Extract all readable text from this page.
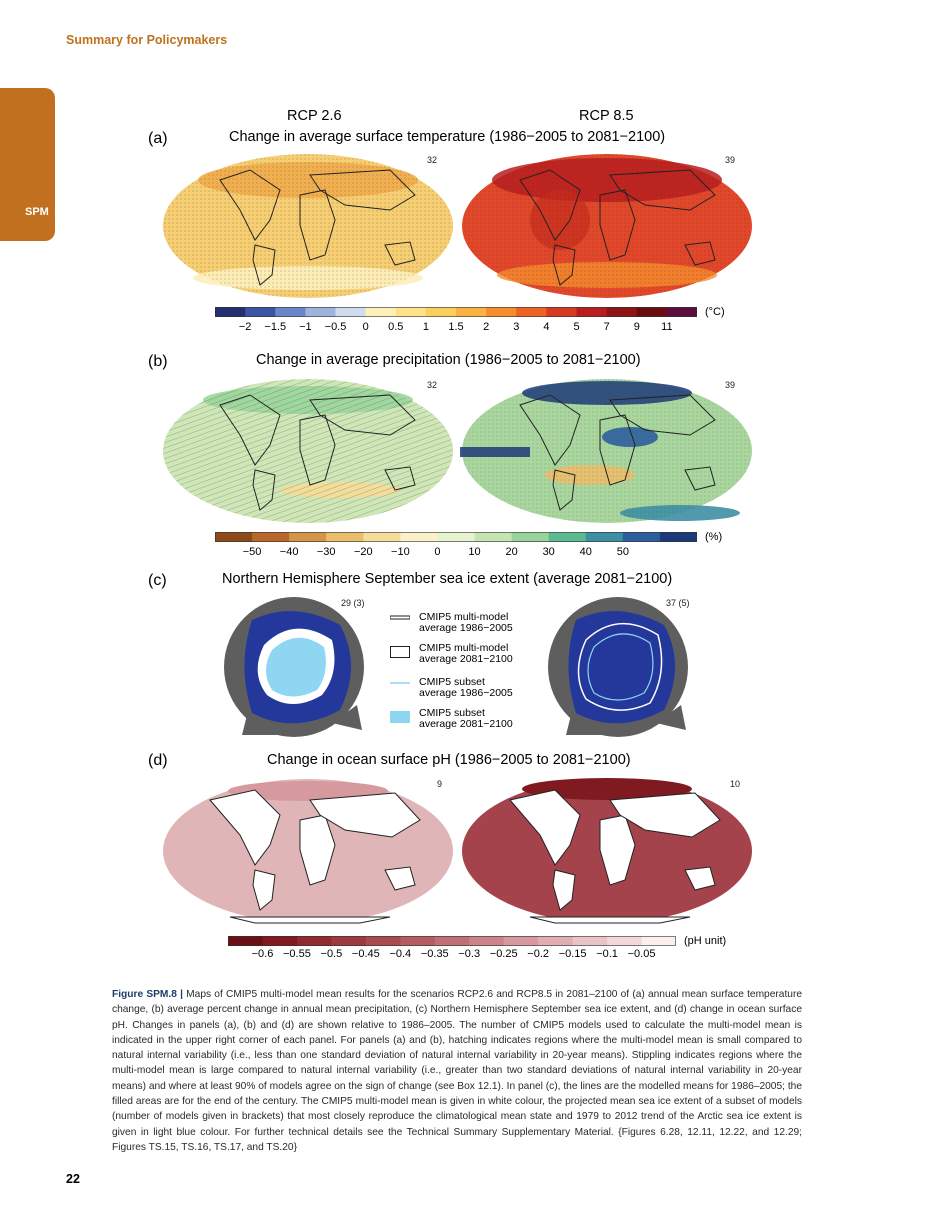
Summary for Policymakers
SPM
RCP 2.6	RCP 8.5
(a)	Change in average surface temperature (1986−2005 to 2081−2100)
32	39
(°C)
−2 −1.5 −1 −0.5 0 0.5 1 1.5 2 3 4 5 7 9 11
(b)	Change in average precipitation (1986−2005 to 2081−2100)
32	39
(%)
−50 −40 −30 −20 −10 0	10 20 30 40 50
(c)	Northern Hemisphere September sea ice extent (average 2081−2100)
29 (3)	37 (5)
CMIP5 multi-model
average 1986−2005
CMIP5 multi-model
average 2081−2100
CMIP5 subset
average 1986−2005
CMIP5 subset
average 2081−2100
(d)	Change in ocean surface pH (1986−2005 to 2081−2100)
9	10
(pH unit)
−0.6 −0.55 −0.5 −0.45 −0.4 −0.35 −0.3 −0.25 −0.2 −0.15 −0.1 −0.05
Figure SPM.8 | Maps of CMIP5 multi-model mean results for the scenarios RCP2.6 and RCP8.5 in 2081–2100 of (a) annual mean surface temperature change, (b) average percent change in annual mean precipitation, (c) Northern Hemisphere September sea ice extent, and (d) change in ocean surface pH. Changes in panels (a), (b) and (d) are shown relative to 1986–2005. The number of CMIP5 models used to calculate the multi-model mean is indicated in the upper right corner of each panel. For panels (a) and (b), hatching indicates regions where the multi-model mean is small compared to natural internal variability (i.e., less than one standard deviation of natural internal variability in 20-year means). Stippling indicates regions where the multi-model mean is large compared to natural internal variability (i.e., greater than two standard deviations of natural internal variability in 20-year means) and where at least 90% of models agree on the sign of change (see Box 12.1). In panel (c), the lines are the modelled means for 1986–2005; the filled areas are for the end of the century. The CMIP5 multi-model mean is given in white colour, the projected mean sea ice extent of a subset of models (number of models given in brackets) that most closely reproduce the climatological mean state and 1979 to 2012 trend of the Arctic sea ice extent is given in light blue colour. For further technical details see the Technical Summary Supplementary Material. {Figures 6.28, 12.11, 12.22, and 12.29; Figures TS.15, TS.16, TS.17, and TS.20}
22
